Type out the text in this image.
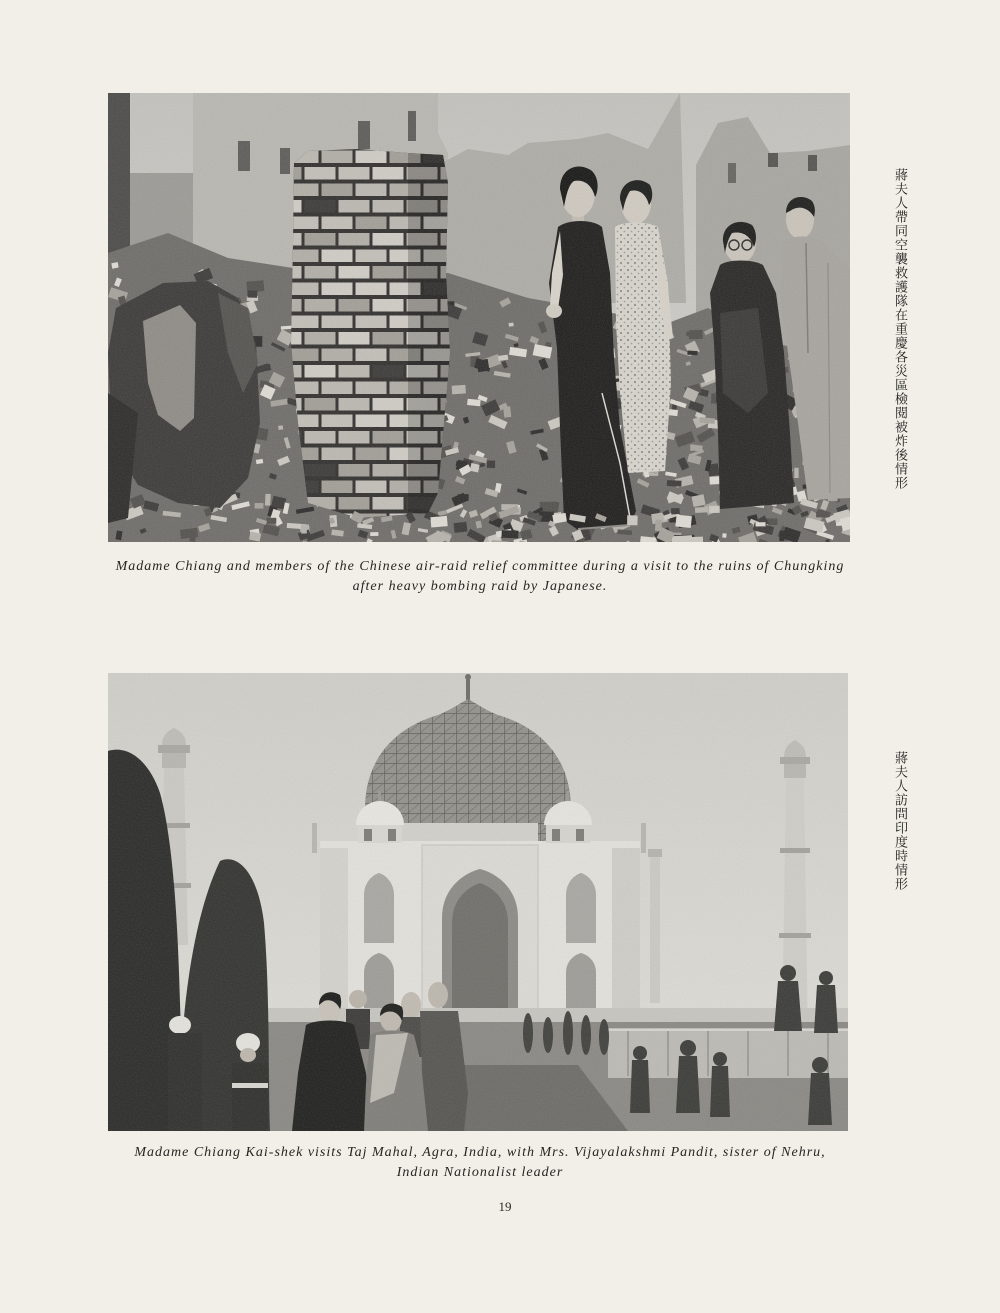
Madame Chiang and members of the Chinese air-raid relief committee during a visit to the ruins of Chungking
after heavy bombing raid by Japanese.
蔣夫人帶同空襲救護隊在重慶各災區檢閱被炸後情形
Madame Chiang Kai-shek visits Taj Mahal, Agra, India, with Mrs. Vijayalakshmi Pandit, sister of Nehru,
Indian Nationalist leader
蔣夫人訪問印度時情形
19
